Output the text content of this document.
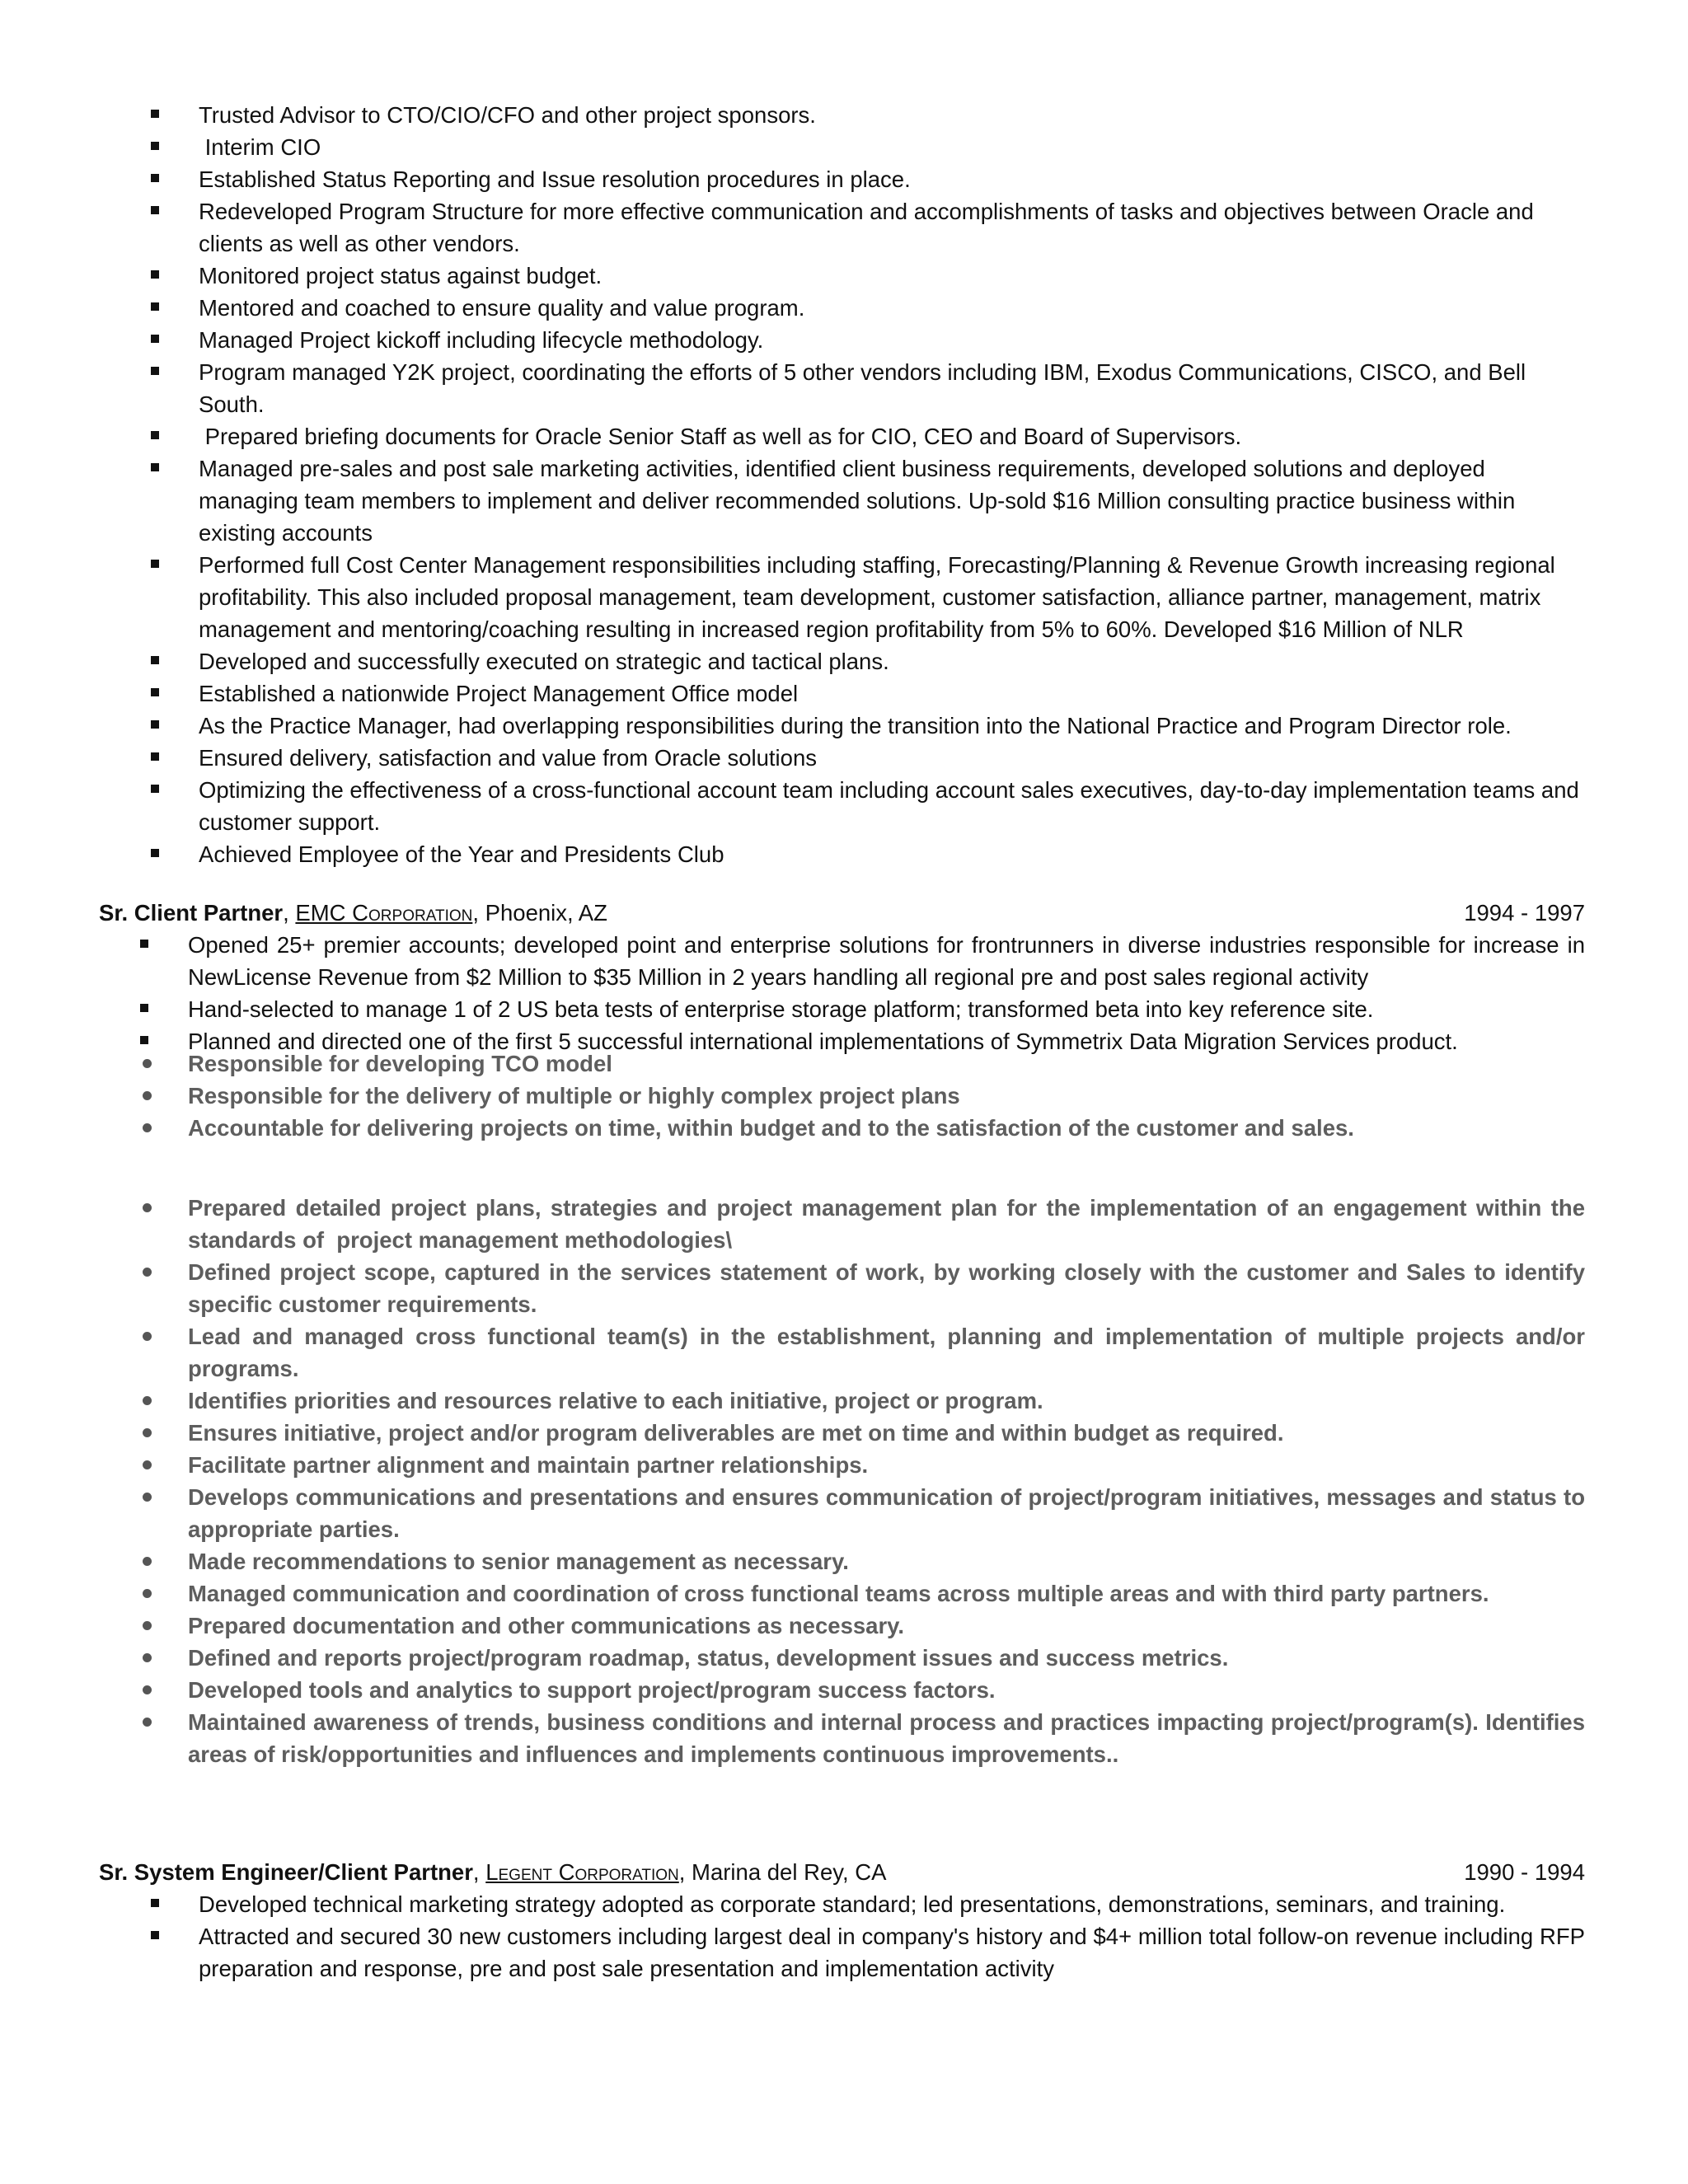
Trusted Advisor to CTO/CIO/CFO and other project sponsors.
Interim CIO
Established Status Reporting and Issue resolution procedures in place.
Redeveloped Program Structure for more effective communication and accomplishments of tasks and objectives between Oracle and clients as well as other vendors.
Monitored project status against budget.
Mentored and coached to ensure quality and value program.
Managed Project kickoff including lifecycle methodology.
Program managed Y2K project, coordinating the efforts of 5 other vendors including IBM, Exodus Communications, CISCO, and Bell South.
Prepared briefing documents for Oracle Senior Staff as well as for CIO, CEO and Board of Supervisors.
Managed pre-sales and post sale marketing activities, identified client business requirements, developed solutions and deployed managing team members to implement and deliver recommended solutions. Up-sold $16 Million consulting practice business within existing accounts
Performed full Cost Center Management responsibilities including staffing, Forecasting/Planning & Revenue Growth increasing regional profitability. This also included proposal management, team development, customer satisfaction, alliance partner, management, matrix management and mentoring/coaching resulting in increased region profitability from 5% to 60%. Developed $16 Million of NLR
Developed and successfully executed on strategic and tactical plans.
Established a nationwide Project Management Office model
As the Practice Manager, had overlapping responsibilities during the transition into the National Practice and Program Director role.
Ensured delivery, satisfaction and value from Oracle solutions
Optimizing the effectiveness of a cross-functional account team including account sales executives, day-to-day implementation teams and customer support.
Achieved Employee of the Year and Presidents Club
Sr. Client Partner, EMC Corporation, Phoenix, AZ	1994 - 1997
Opened 25+ premier accounts; developed point and enterprise solutions for frontrunners in diverse industries responsible for increase in NewLicense Revenue from $2 Million to $35 Million in 2 years handling all regional pre and post sales regional activity
Hand-selected to manage 1 of 2 US beta tests of enterprise storage platform; transformed beta into key reference site.
Planned and directed one of the first 5 successful international implementations of Symmetrix Data Migration Services product.
Responsible for developing TCO model
Responsible for the delivery of multiple or highly complex project plans
Accountable for delivering projects on time, within budget and to the satisfaction of the customer and sales.
Prepared detailed project plans, strategies and project management plan for the implementation of an engagement within the standards of  project management methodologies\
Defined project scope, captured in the services statement of work, by working closely with the customer and Sales to identify specific customer requirements.
Lead and managed cross functional team(s) in the establishment, planning and implementation of multiple projects and/or programs.
Identifies priorities and resources relative to each initiative, project or program.
Ensures initiative, project and/or program deliverables are met on time and within budget as required.
Facilitate partner alignment and maintain partner relationships.
Develops communications and presentations and ensures communication of project/program initiatives, messages and status to appropriate parties.
Made recommendations to senior management as necessary.
Managed communication and coordination of cross functional teams across multiple areas and with third party partners.
Prepared documentation and other communications as necessary.
Defined and reports project/program roadmap, status, development issues and success metrics.
Developed tools and analytics to support project/program success factors.
Maintained awareness of trends, business conditions and internal process and practices impacting project/program(s). Identifies areas of risk/opportunities and influences and implements continuous improvements..
Sr. System Engineer/Client Partner, Legent Corporation, Marina del Rey, CA	1990 - 1994
Developed technical marketing strategy adopted as corporate standard; led presentations, demonstrations, seminars, and training.
Attracted and secured 30 new customers including largest deal in company's history and $4+ million total follow-on revenue including RFP preparation and response, pre and post sale presentation and implementation activity
